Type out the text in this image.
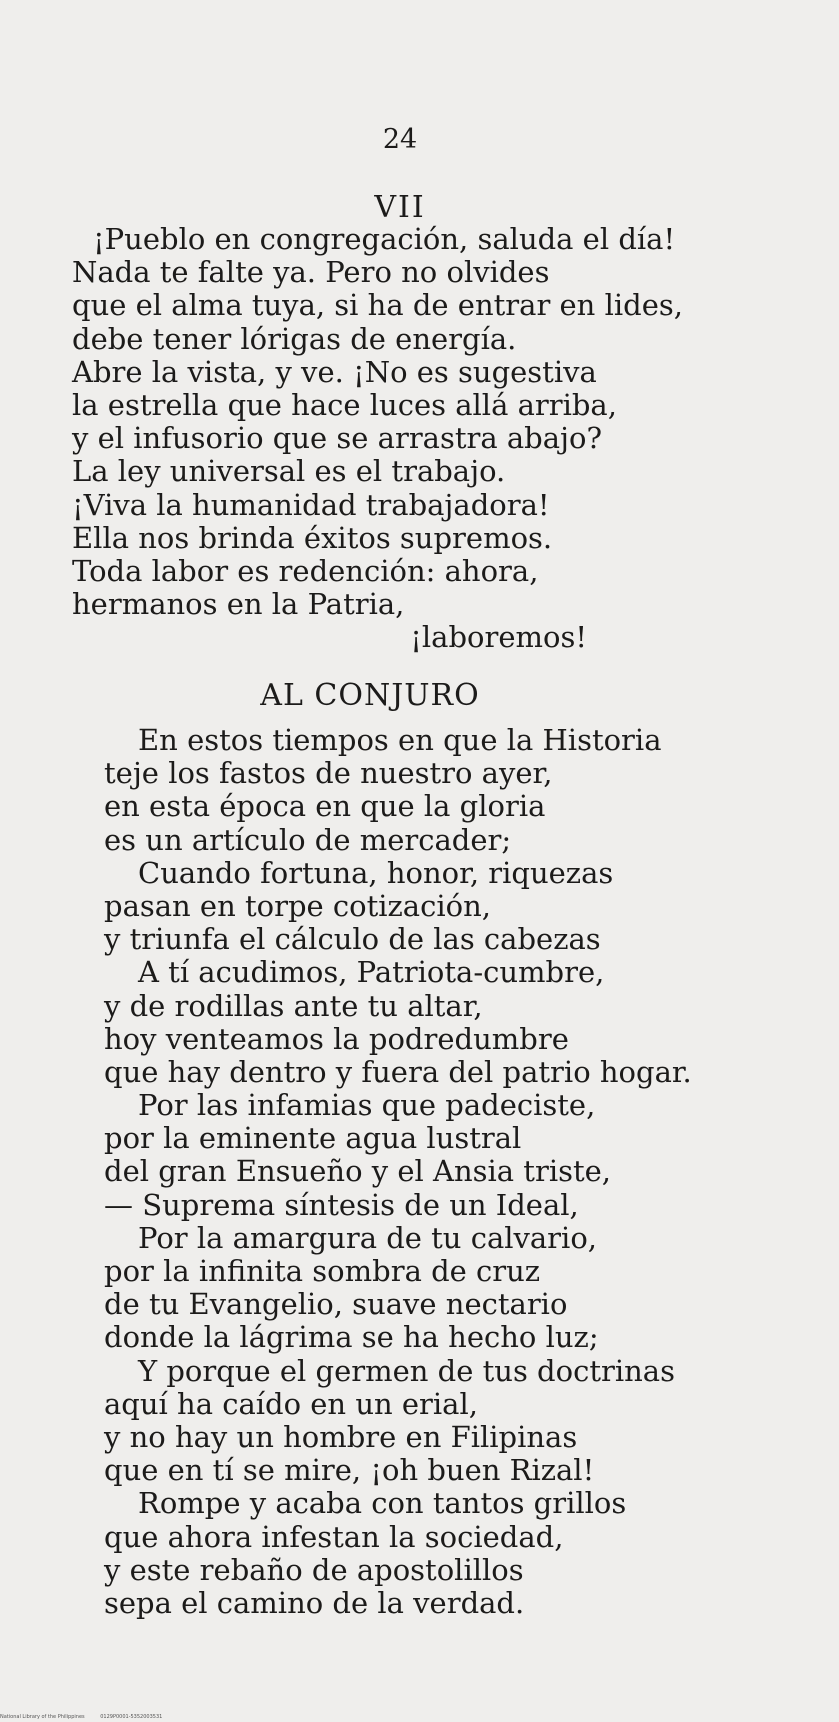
24
VII
¡Pueblo en congregación, saluda el día!
Nada te falte ya. Pero no olvides
que el alma tuya, si ha de entrar en lides,
debe tener lórigas de energía.
Abre la vista, y ve. ¡No es sugestiva
la estrella que hace luces allá arriba,
y el infusorio que se arrastra abajo?
La ley universal es el trabajo.
¡Viva la humanidad trabajadora!
Ella nos brinda éxitos supremos.
Toda labor es redención: ahora,
hermanos en la Patria,
¡laboremos!
AL CONJURO
En estos tiempos en que la Historia
teje los fastos de nuestro ayer,
en esta época en que la gloria
es un artículo de mercader;
Cuando fortuna, honor, riquezas
pasan en torpe cotización,
y triunfa el cálculo de las cabezas
A tí acudimos, Patriota-cumbre,
y de rodillas ante tu altar,
hoy venteamos la podredumbre
que hay dentro y fuera del patrio hogar.
Por las infamias que padeciste,
por la eminente agua lustral
del gran Ensueño y el Ansia triste,
— Suprema síntesis de un Ideal,
Por la amargura de tu calvario,
por la infinita sombra de cruz
de tu Evangelio, suave nectario
donde la lágrima se ha hecho luz;
Y porque el germen de tus doctrinas
aquí ha caído en un erial,
y no hay un hombre en Filipinas
que en tí se mire, ¡oh buen Rizal!
Rompe y acaba con tantos grillos
que ahora infestan la sociedad,
y este rebaño de apostolillos
sepa el camino de la verdad.
National Library of the Philippines	0129P0001-5352003531
